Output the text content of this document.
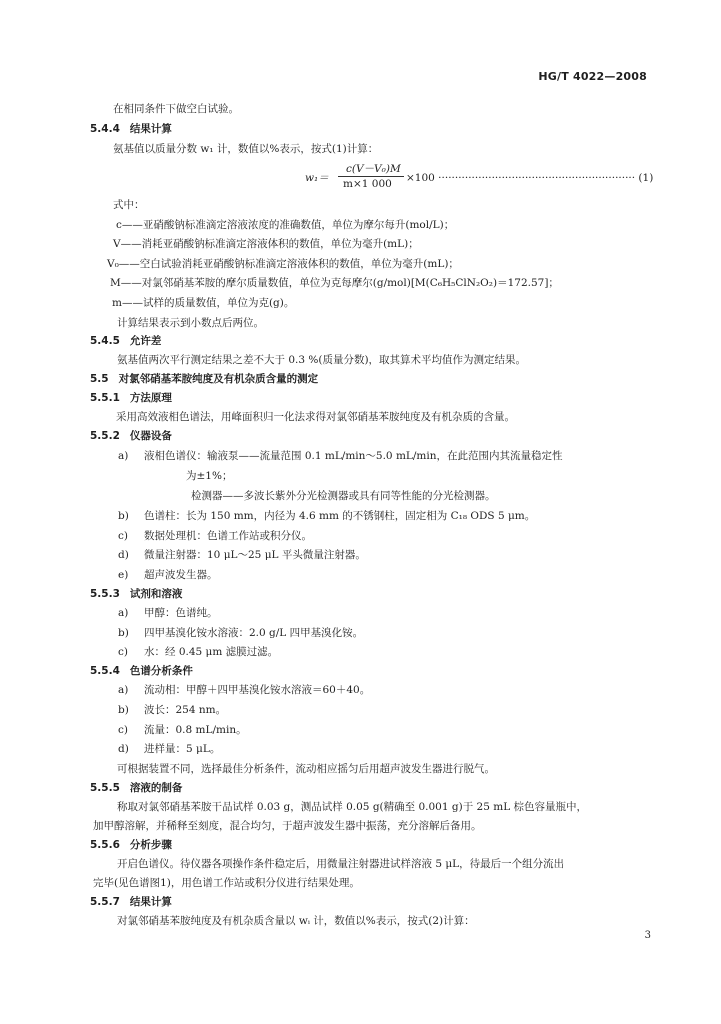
HG/T 4022—2008
在相同条件下做空白试验。
5.4.4 结果计算
氨基值以质量分数 w₁ 计，数值以%表示，按式(1)计算：
w₁＝
c(V－V₀)M
m×1 000 ×100 ··························································· (1)
式中：
c——亚硝酸钠标准滴定溶液浓度的准确数值，单位为摩尔每升(mol/L)；
V——消耗亚硝酸钠标准滴定溶液体积的数值，单位为毫升(mL)；
V₀——空白试验消耗亚硝酸钠标准滴定溶液体积的数值，单位为毫升(mL)；
M——对氯邻硝基苯胺的摩尔质量数值，单位为克每摩尔(g/mol)[M(C₆H₅ClN₂O₂)＝172.57]；
m——试样的质量数值，单位为克(g)。
计算结果表示到小数点后两位。
5.4.5 允许差
氨基值两次平行测定结果之差不大于 0.3 %(质量分数)，取其算术平均值作为测定结果。
5.5 对氯邻硝基苯胺纯度及有机杂质含量的测定
5.5.1 方法原理
采用高效液相色谱法，用峰面积归一化法求得对氯邻硝基苯胺纯度及有机杂质的含量。
5.5.2 仪器设备
a) 液相色谱仪：输液泵——流量范围 0.1 mL/min～5.0 mL/min，在此范围内其流量稳定性
为±1%；
检测器——多波长紫外分光检测器或具有同等性能的分光检测器。
b) 色谱柱：长为 150 mm，内径为 4.6 mm 的不锈钢柱，固定相为 C₁₈ ODS 5 μm。
c) 数据处理机：色谱工作站或积分仪。
d) 微量注射器：10 μL～25 μL 平头微量注射器。
e) 超声波发生器。
5.5.3 试剂和溶液
a) 甲醇：色谱纯。
b) 四甲基溴化铵水溶液：2.0 g/L 四甲基溴化铵。
c) 水：经 0.45 μm 滤膜过滤。
5.5.4 色谱分析条件
a) 流动相：甲醇＋四甲基溴化铵水溶液＝60＋40。
b) 波长：254 nm。
c) 流量：0.8 mL/min。
d) 进样量：5 μL。
可根据装置不同，选择最佳分析条件，流动相应摇匀后用超声波发生器进行脱气。
5.5.5 溶液的制备
称取对氯邻硝基苯胺干品试样 0.03 g，测品试样 0.05 g(精确至 0.001 g)于 25 mL 棕色容量瓶中，
加甲醇溶解，并稀释至刻度，混合均匀，于超声波发生器中振荡，充分溶解后备用。
5.5.6 分析步骤
开启色谱仪。待仪器各项操作条件稳定后，用微量注射器进试样溶液 5 μL，待最后一个组分流出
完毕(见色谱图1)，用色谱工作站或积分仪进行结果处理。
5.5.7 结果计算
对氯邻硝基苯胺纯度及有机杂质含量以 wᵢ 计，数值以%表示，按式(2)计算：
3
